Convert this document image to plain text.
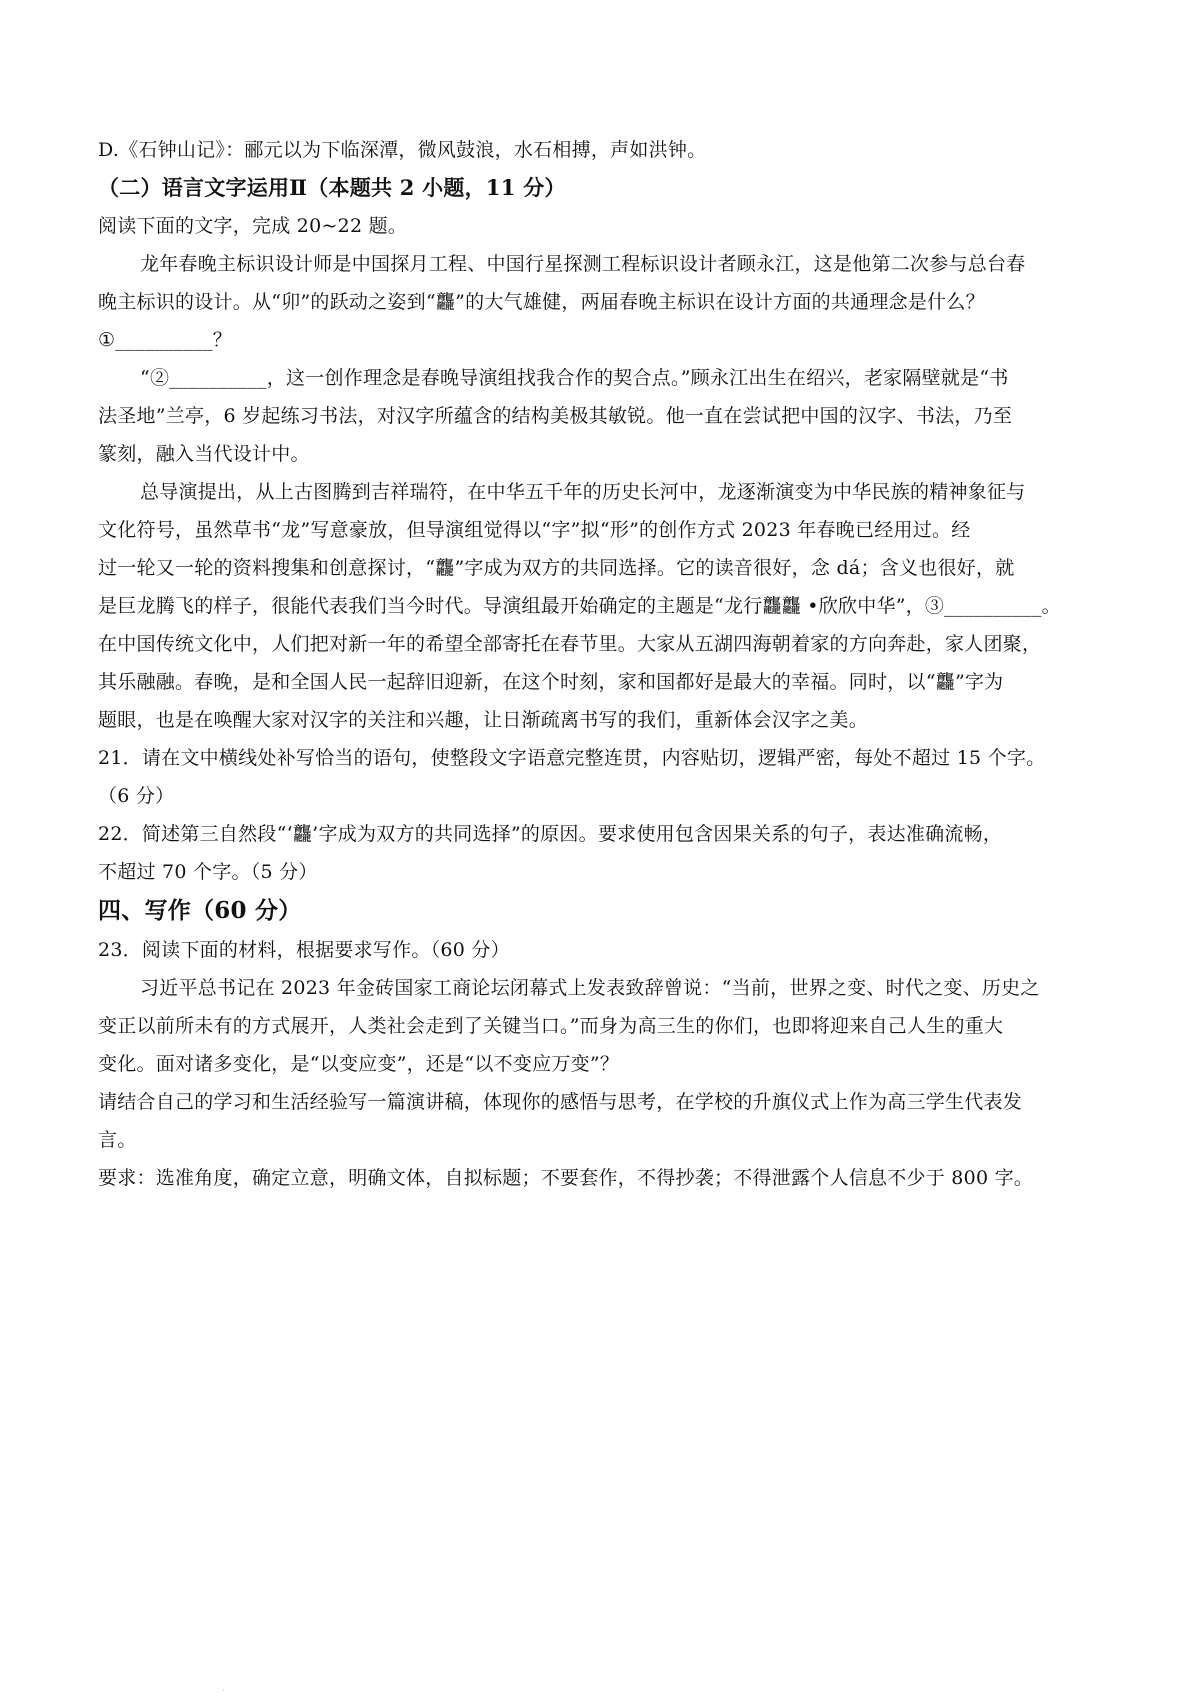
D.《石钟山记》：郦元以为下临深潭，微风鼓浪，水石相搏，声如洪钟。
（二）语言文字运用Ⅱ（本题共 2 小题，11 分）
阅读下面的文字，完成 20~22 题。
龙年春晚主标识设计师是中国探月工程、中国行星探测工程标识设计者顾永江，这是他第二次参与总台春
晚主标识的设计。从“卯”的跃动之姿到“龘”的大气雄健，两届春晚主标识在设计方面的共通理念是什么？
①__________？
“②__________，这一创作理念是春晚导演组找我合作的契合点。”顾永江出生在绍兴，老家隔壁就是“书
法圣地”兰亭，6 岁起练习书法，对汉字所蕴含的结构美极其敏锐。他一直在尝试把中国的汉字、书法，乃至
篆刻，融入当代设计中。
总导演提出，从上古图腾到吉祥瑞符，在中华五千年的历史长河中，龙逐渐演变为中华民族的精神象征与
文化符号，虽然草书“龙”写意豪放，但导演组觉得以“字”拟“形”的创作方式 2023 年春晚已经用过。经
过一轮又一轮的资料搜集和创意探讨，“龘”字成为双方的共同选择。它的读音很好，念 dá；含义也很好，就
是巨龙腾飞的样子，很能代表我们当今时代。导演组最开始确定的主题是“龙行龘龘 •欣欣中华”，③__________。
在中国传统文化中，人们把对新一年的希望全部寄托在春节里。大家从五湖四海朝着家的方向奔赴，家人团聚，
其乐融融。春晚，是和全国人民一起辞旧迎新，在这个时刻，家和国都好是最大的幸福。同时，以“龘”字为
题眼，也是在唤醒大家对汉字的关注和兴趣，让日渐疏离书写的我们，重新体会汉字之美。
21．请在文中横线处补写恰当的语句，使整段文字语意完整连贯，内容贴切，逻辑严密，每处不超过 15 个字。
（6 分）
22．简述第三自然段“‘龘’字成为双方的共同选择”的原因。要求使用包含因果关系的句子，表达准确流畅，
不超过 70 个字。（5 分）
四、写作（60 分）
23．阅读下面的材料，根据要求写作。（60 分）
习近平总书记在 2023 年金砖国家工商论坛闭幕式上发表致辞曾说：“当前，世界之变、时代之变、历史之
变正以前所未有的方式展开，人类社会走到了关键当口。”而身为高三生的你们，也即将迎来自己人生的重大
变化。面对诸多变化，是“以变应变”，还是“以不变应万变”？
请结合自己的学习和生活经验写一篇演讲稿，体现你的感悟与思考，在学校的升旗仪式上作为高三学生代表发
言。
要求：选准角度，确定立意，明确文体，自拟标题；不要套作，不得抄袭；不得泄露个人信息不少于 800 字。
·
